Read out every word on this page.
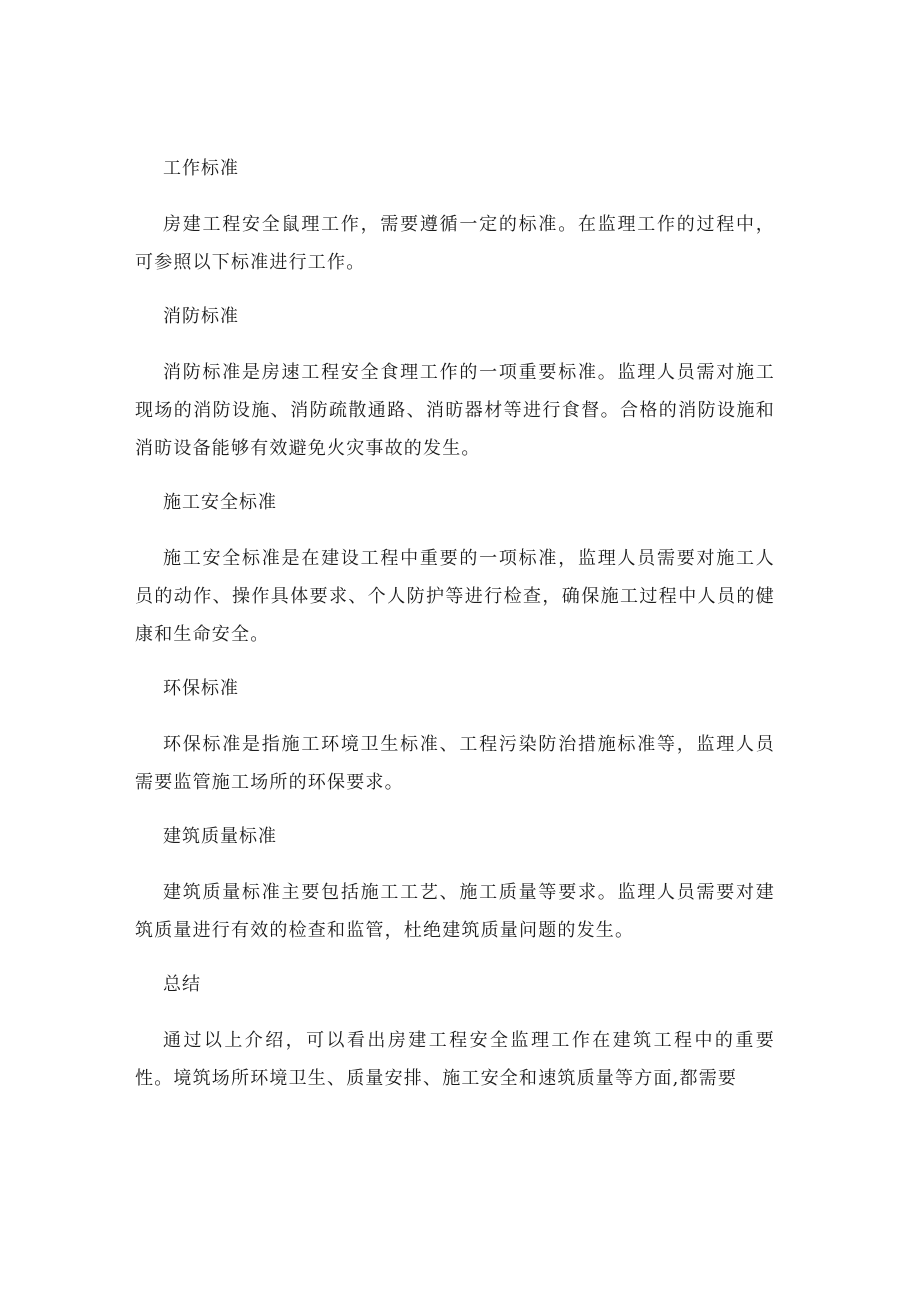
工作标准

房建工程安全鼠理工作，需要遵循一定的标准。在监理工作的过程中，可参照以下标准进行工作。

消防标准

消防标准是房速工程安全食理工作的一项重要标准。监理人员需对施工现场的消防设施、消防疏散通路、消昉器材等进行食督。合格的消防设施和消昉设备能够有效避免火灾事故的发生。

施工安全标准

施工安全标准是在建设工程中重要的一项标准，监理人员需要对施工人员的动作、操作具体要求、个人防护等进行检查，确保施工过程中人员的健康和生命安全。

环保标准

环保标准是指施工环境卫生标准、工程污染防治措施标准等，监理人员需要监管施工场所的环保要求。

建筑质量标准

建筑质量标准主要包括施工工艺、施工质量等要求。监理人员需要对建筑质量进行有效的检查和监管，杜绝建筑质量问题的发生。

总结

通过以上介绍，可以看出房建工程安全监理工作在建筑工程中的重要性。境筑场所环境卫生、质量安排、施工安全和速筑质量等方面,都需要
